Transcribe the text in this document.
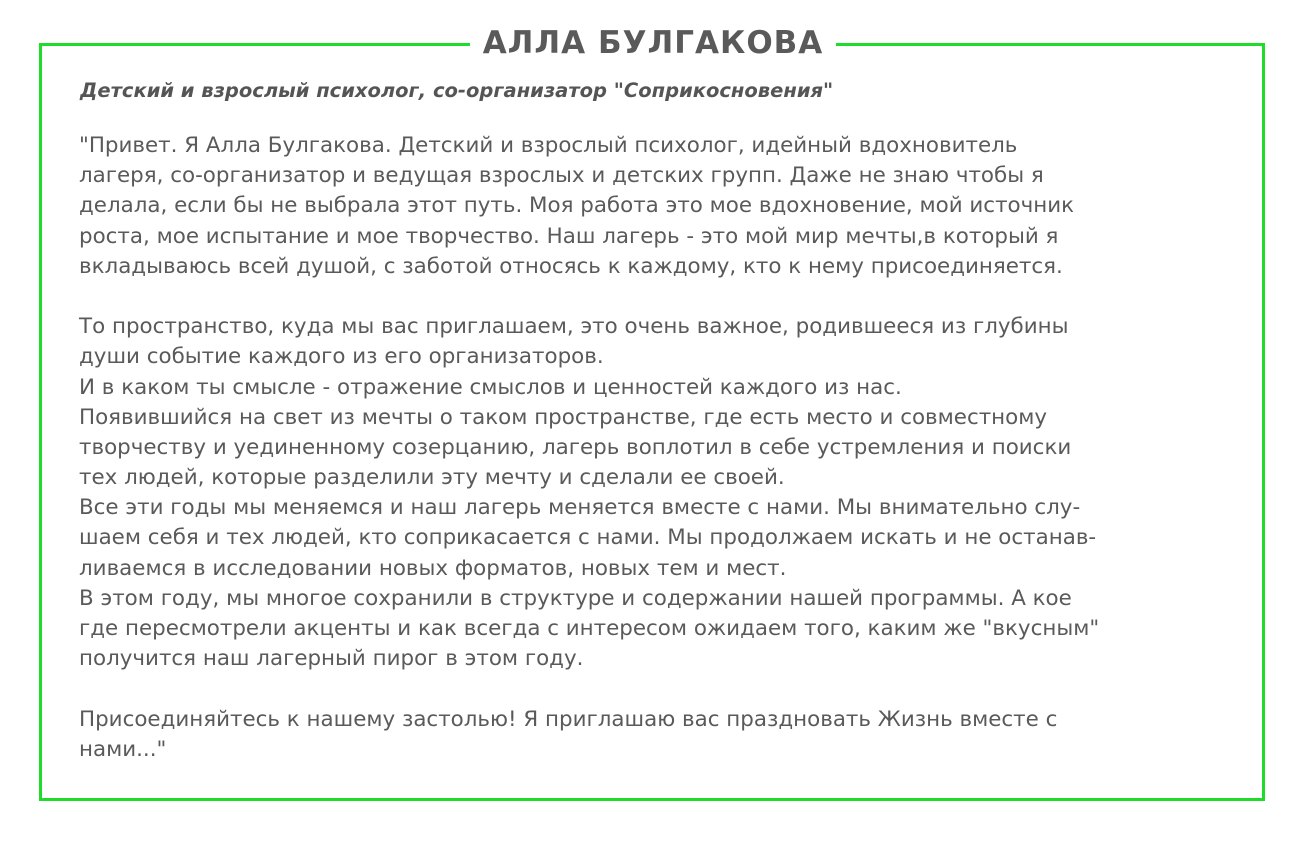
АЛЛА БУЛГАКОВА
Детский и взрослый психолог, со-организатор "Соприкосновения"
"Привет. Я Алла Булгакова. Детский и взрослый психолог, идейный вдохновитель
лагеря, со-организатор и ведущая взрослых и детских групп. Даже не знаю чтобы я
делала, если бы не выбрала этот путь. Моя работа это мое вдохновение, мой источник
роста, мое испытание и мое творчество. Наш лагерь - это мой мир мечты,в который я
вкладываюсь всей душой, с заботой относясь к каждому, кто к нему присоединяется.
То пространство, куда мы вас приглашаем, это очень важное, родившееся из глубины
души событие каждого из его организаторов.
И в каком ты смысле - отражение смыслов и ценностей каждого из нас.
Появившийся на свет из мечты о таком пространстве, где есть место и совместному
творчеству и уединенному созерцанию, лагерь воплотил в себе устремления и поиски
тех людей, которые разделили эту мечту и сделали ее своей.
Все эти годы мы меняемся и наш лагерь меняется вместе с нами. Мы внимательно слу-
шаем себя и тех людей, кто соприкасается с нами. Мы продолжаем искать и не останав-
ливаемся в исследовании новых форматов, новых тем и мест.
В этом году, мы многое сохранили в структуре и содержании нашей программы. А кое
где пересмотрели акценты и как всегда с интересом ожидаем того, каким же "вкусным"
получится наш лагерный пирог в этом году.
Присоединяйтесь к нашему застолью! Я приглашаю вас праздновать Жизнь вместе с
нами..."
